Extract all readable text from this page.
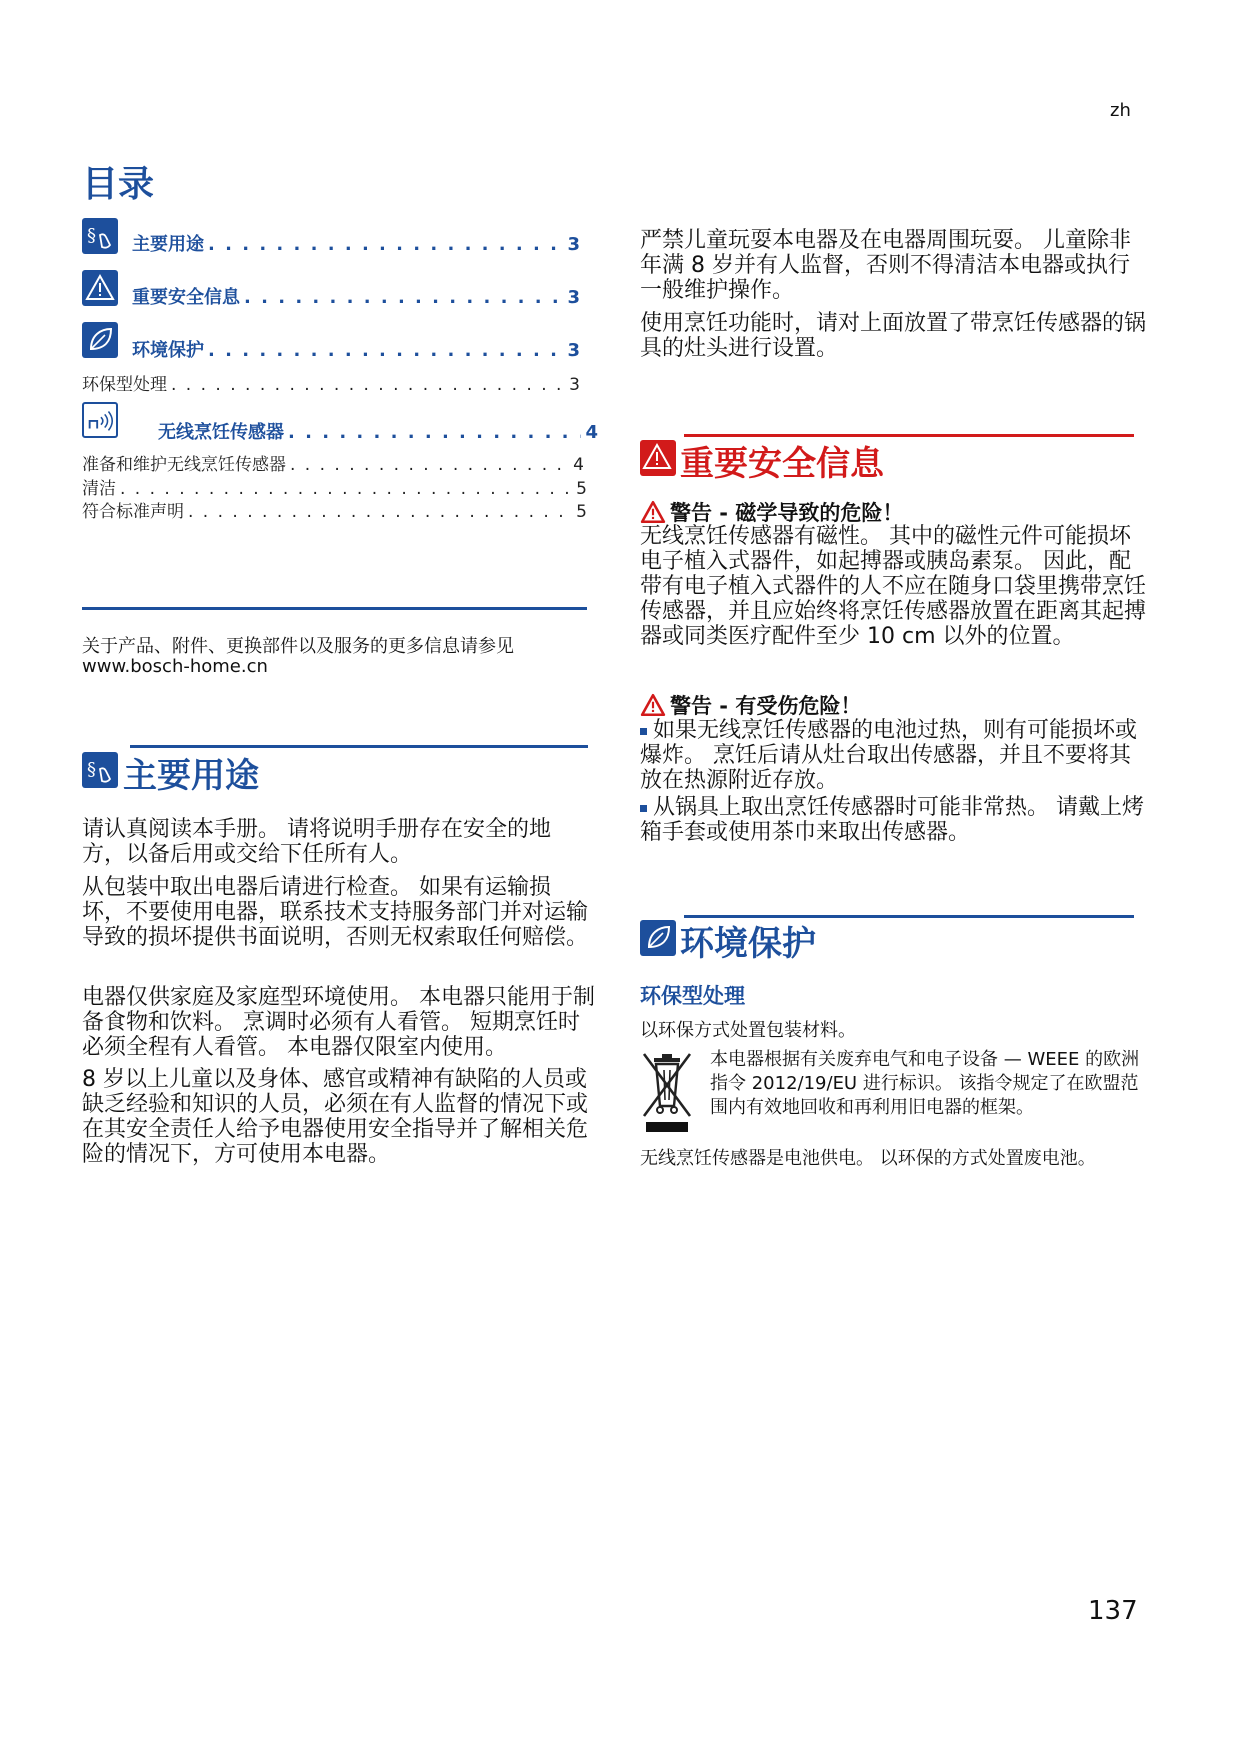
zh
目录
§ 主要用途 . . .	3
重要安全信息 . . .	3
环境保护 . . .	3
环保型处理 . . .	3
无线烹饪传感器 . . .	4
准备和维护无线烹饪传感器 . . .	4
清洁 . . .	5
符合标准声明 . . .	5
关于产品、附件、更换部件以及服务的更多信息请参见
www.bosch-home.cn
§ 主要用途
请认真阅读本手册。 请将说明手册存在安全的地方，以备后用或交给下任所有人。
从包装中取出电器后请进行检查。 如果有运输损坏，不要使用电器，联系技术支持服务部门并对运输导致的损坏提供书面说明，否则无权索取任何赔偿。
电器仅供家庭及家庭型环境使用。 本电器只能用于制备食物和饮料。 烹调时必须有人看管。 短期烹饪时必须全程有人看管。 本电器仅限室内使用。
8 岁以上儿童以及身体、感官或精神有缺陷的人员或缺乏经验和知识的人员，必须在有人监督的情况下或在其安全责任人给予电器使用安全指导并了解相关危险的情况下，方可使用本电器。
严禁儿童玩耍本电器及在电器周围玩耍。 儿童除非年满 8 岁并有人监督，否则不得清洁本电器或执行一般维护操作。
使用烹饪功能时，请对上面放置了带烹饪传感器的锅具的灶头进行设置。
重要安全信息
警告 - 磁学导致的危险！
无线烹饪传感器有磁性。 其中的磁性元件可能损坏电子植入式器件，如起搏器或胰岛素泵。 因此，配带有电子植入式器件的人不应在随身口袋里携带烹饪传感器，并且应始终将烹饪传感器放置在距离其起搏器或同类医疗配件至少 10 cm 以外的位置。
警告 - 有受伤危险！
如果无线烹饪传感器的电池过热，则有可能损坏或爆炸。 烹饪后请从灶台取出传感器，并且不要将其放在热源附近存放。
从锅具上取出烹饪传感器时可能非常热。 请戴上烤箱手套或使用茶巾来取出传感器。
环境保护
环保型处理
以环保方式处置包装材料。
本电器根据有关废弃电气和电子设备 — WEEE 的欧洲指令 2012/19/EU 进行标识。 该指令规定了在欧盟范围内有效地回收和再利用旧电器的框架。
无线烹饪传感器是电池供电。 以环保的方式处置废电池。
137
